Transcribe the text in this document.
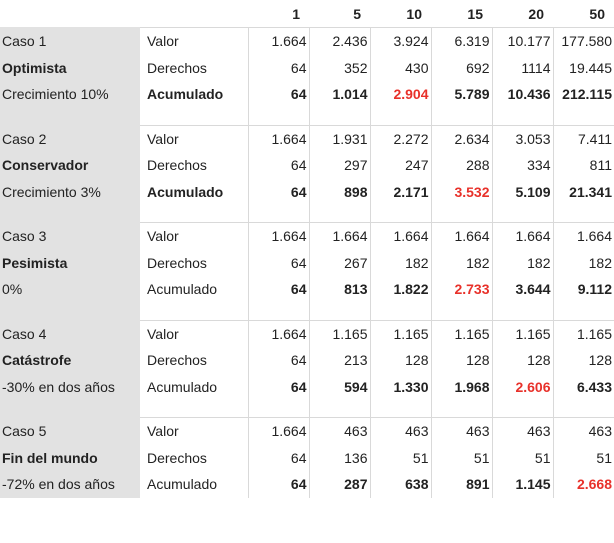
		1	5	10	15	20	50
Caso 1	Valor	1.664	2.436	3.924	6.319	10.177	177.580
Optimista	Derechos	64	352	430	692	1114	19.445
Crecimiento 10%	Acumulado	64	1.014	2.904	5.789	10.436	212.115

Caso 2	Valor	1.664	1.931	2.272	2.634	3.053	7.411
Conservador	Derechos	64	297	247	288	334	811
Crecimiento 3%	Acumulado	64	898	2.171	3.532	5.109	21.341

Caso 3	Valor	1.664	1.664	1.664	1.664	1.664	1.664
Pesimista	Derechos	64	267	182	182	182	182
0%	Acumulado	64	813	1.822	2.733	3.644	9.112

Caso 4	Valor	1.664	1.165	1.165	1.165	1.165	1.165
Catástrofe	Derechos	64	213	128	128	128	128
-30% en dos años	Acumulado	64	594	1.330	1.968	2.606	6.433

Caso 5	Valor	1.664	463	463	463	463	463
Fin del mundo	Derechos	64	136	51	51	51	51
-72% en dos años	Acumulado	64	287	638	891	1.145	2.668
